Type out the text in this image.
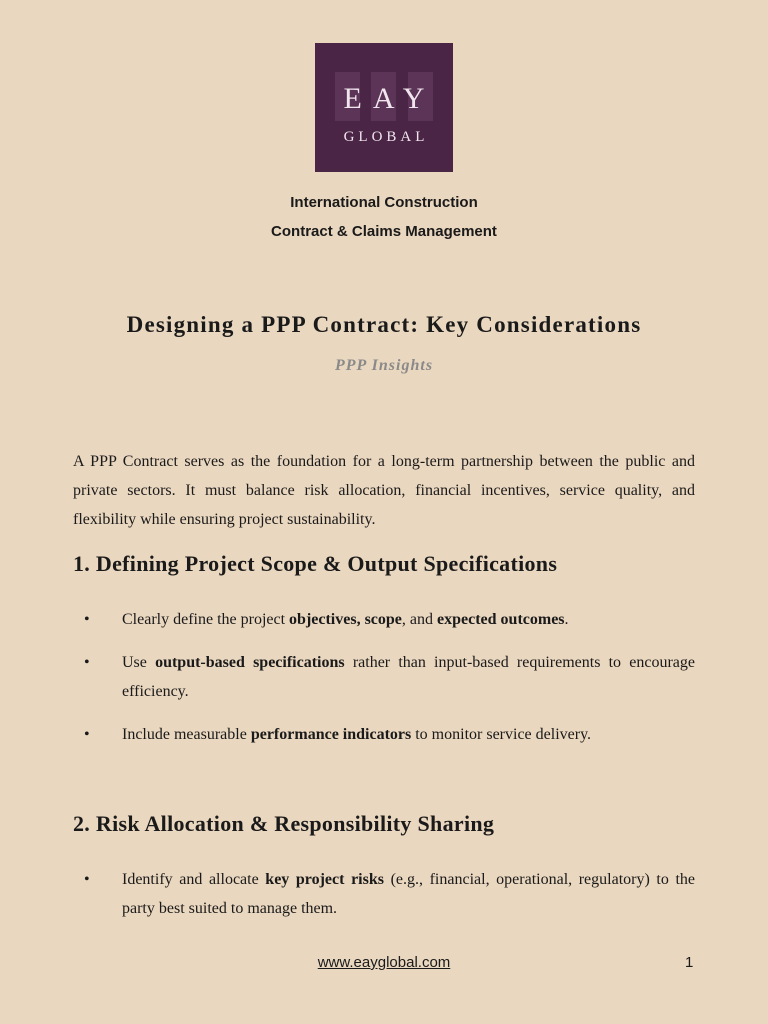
EAY
GLOBAL
International Construction
Contract & Claims Management
Designing a PPP Contract: Key Considerations
PPP Insights

A PPP Contract serves as the foundation for a long-term partnership between the public and private sectors. It must balance risk allocation, financial incentives, service quality, and flexibility while ensuring project sustainability.

1. Defining Project Scope & Output Specifications
• Clearly define the project objectives, scope, and expected outcomes.
• Use output-based specifications rather than input-based requirements to encourage efficiency.
• Include measurable performance indicators to monitor service delivery.
2. Risk Allocation & Responsibility Sharing
• Identify and allocate key project risks (e.g., financial, operational, regulatory) to the party best suited to manage them.
www.eayglobal.com	1
